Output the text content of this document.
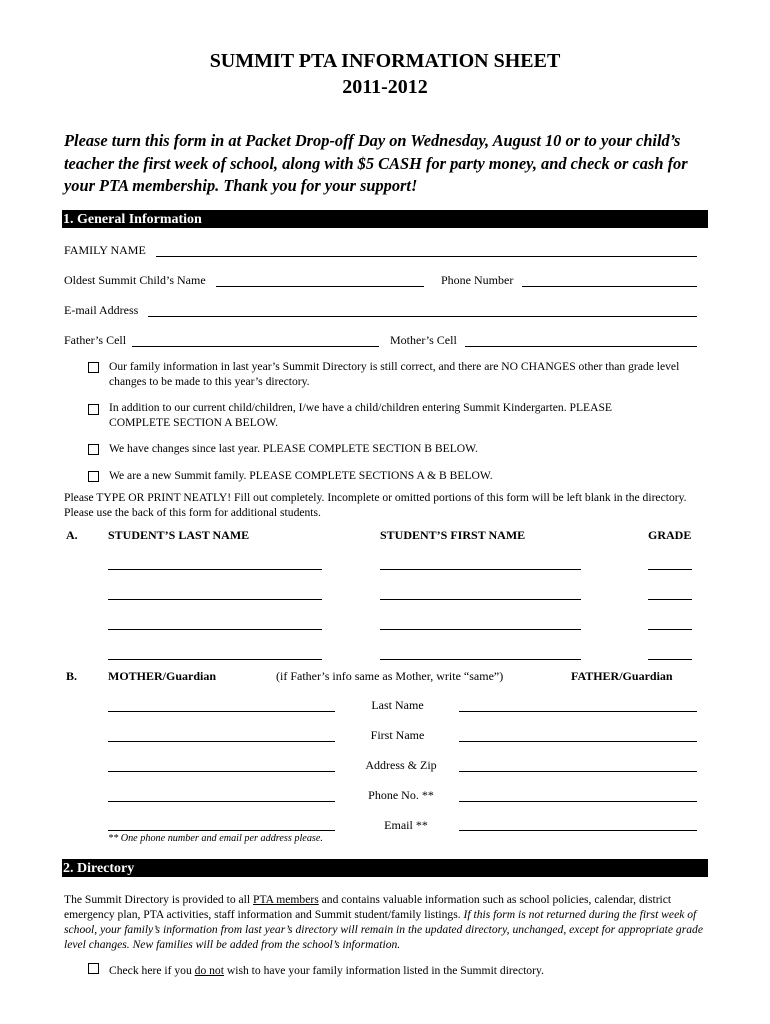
SUMMIT PTA INFORMATION SHEET
2011-2012
Please turn this form in at Packet Drop-off Day on Wednesday, August 10 or to your child’s teacher the first week of school, along with $5 CASH for party money, and check or cash for your PTA membership. Thank you for your support!
1. General Information
FAMILY NAME
Oldest Summit Child’s Name	Phone Number
E-mail Address
Father’s Cell	Mother’s Cell
Our family information in last year’s Summit Directory is still correct, and there are NO CHANGES other than grade level changes to be made to this year’s directory.
In addition to our current child/children, I/we have a child/children entering Summit Kindergarten. PLEASE COMPLETE SECTION A BELOW.
We have changes since last year. PLEASE COMPLETE SECTION B BELOW.
We are a new Summit family. PLEASE COMPLETE SECTIONS A & B BELOW.
Please TYPE OR PRINT NEATLY! Fill out completely. Incomplete or omitted portions of this form will be left blank in the directory. Please use the back of this form for additional students.
A.	STUDENT’S LAST NAME	STUDENT’S FIRST NAME	GRADE
B.	MOTHER/Guardian	(if Father’s info same as Mother, write “same”)	FATHER/Guardian
Last Name
First Name
Address & Zip
Phone No. **
Email **
** One phone number and email per address please.
2. Directory
The Summit Directory is provided to all PTA members and contains valuable information such as school policies, calendar, district emergency plan, PTA activities, staff information and Summit student/family listings. If this form is not returned during the first week of school, your family’s information from last year’s directory will remain in the updated directory, unchanged, except for appropriate grade level changes. New families will be added from the school’s information.
Check here if you do not wish to have your family information listed in the Summit directory.
